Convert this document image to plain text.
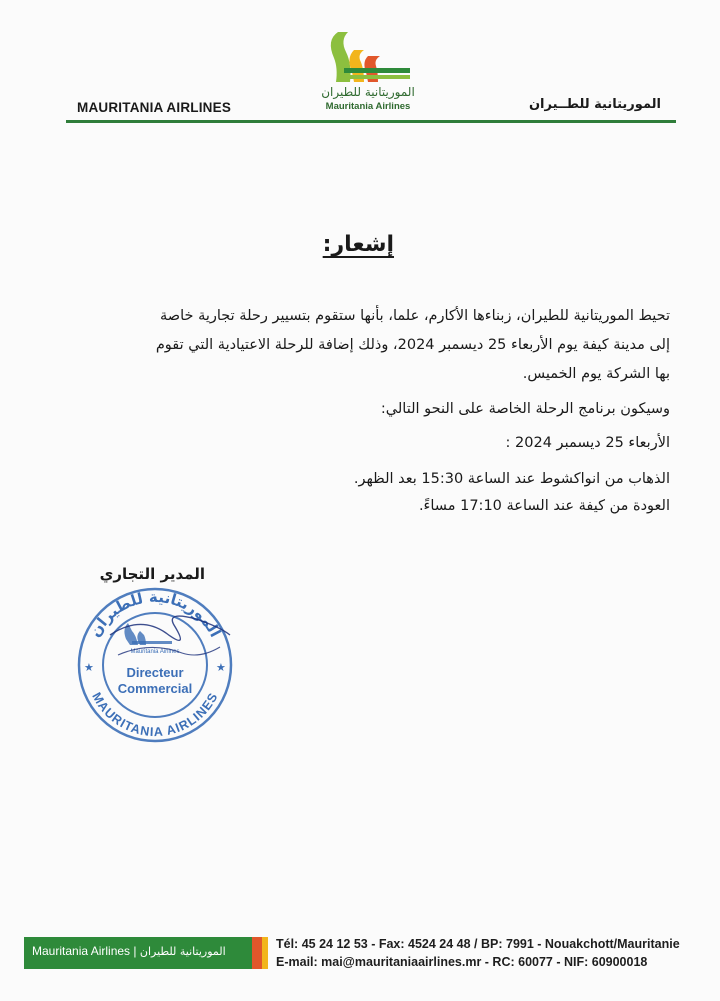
الموريتانية للطيران
Mauritania Airlines
MAURITANIA AIRLINES	الموريتانية للطــيران
إشعار:
تحيط الموريتانية للطيران، زبناءها الأكارم، علما، بأنها ستقوم بتسيير رحلة تجارية خاصة
إلى مدينة كيفة يوم الأربعاء 25 ديسمبر 2024، وذلك إضافة للرحلة الاعتيادية التي تقوم
بها الشركة يوم الخميس.
وسيكون برنامج الرحلة الخاصة على النحو التالي:
الأربعاء 25 ديسمبر 2024 :
الذهاب من انواكشوط عند الساعة 15:30 بعد الظهر.
العودة من كيفة عند الساعة 17:10 مساءً.
المدير التجاري
★	★
الموريتانية للطيران
MAURITANIA AIRLINES
Mauritania Airlines
Directeur
Commercial
Mauritania Airlines | الموريتانية للطيران
Tél: 45 24 12 53 - Fax: 4524 24 48 / BP: 7991 - Nouakchott/Mauritanie
E-mail: mai@mauritaniaairlines.mr - RC: 60077 - NIF: 60900018
